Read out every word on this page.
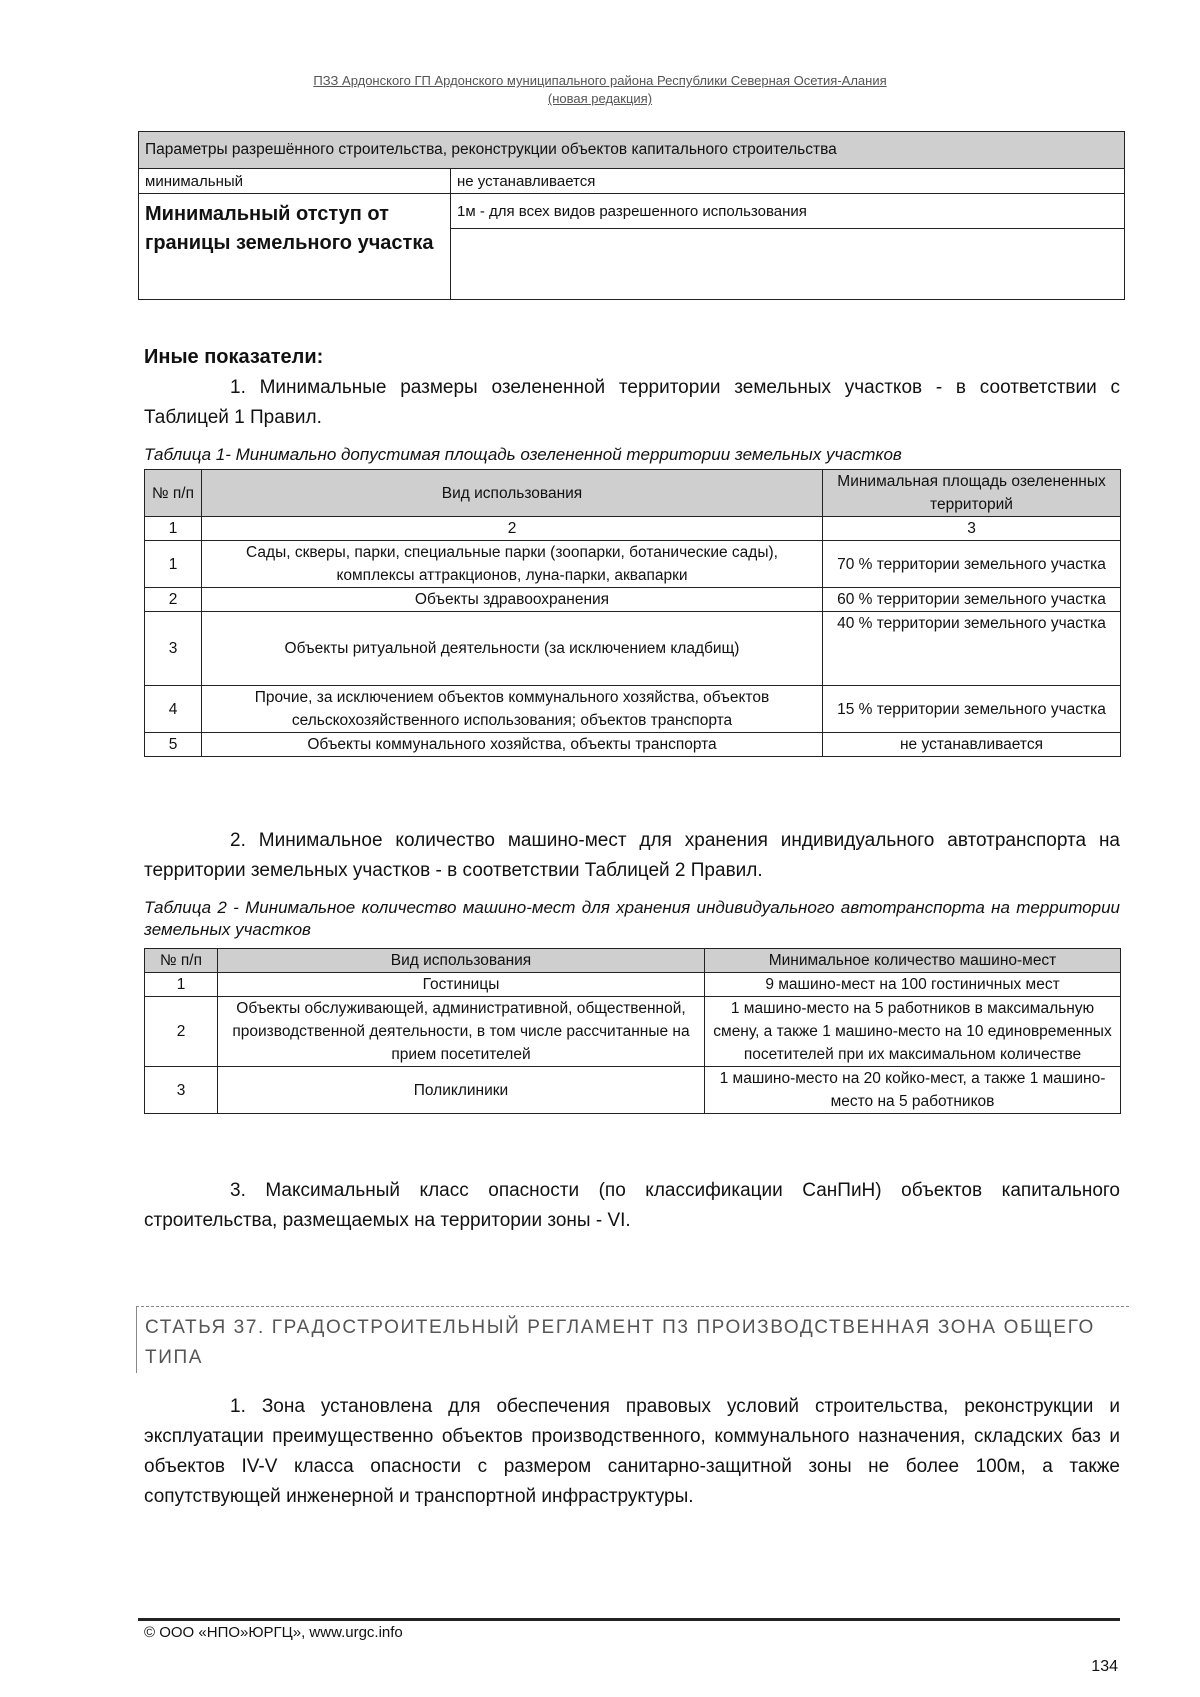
ПЗЗ Ардонского ГП Ардонского муниципального района Республики Северная Осетия-Алания
(новая редакция)
Параметры разрешённого строительства, реконструкции объектов капитального строительства	
минимальный	не устанавливается
Минимальный отступ от границы земельного участка	1м - для всех видов разрешенного использования

Иные показатели:
1. Минимальные размеры озелененной территории земельных участков - в соответствии с Таблицей 1 Правил.
Таблица 1- Минимально допустимая площадь озелененной территории земельных участков
№ п/п	Вид использования	Минимальная площадь озелененных территорий
1	2	3
1	Сады, скверы, парки, специальные парки (зоопарки, ботанические сады), комплексы аттракционов, луна-парки, аквапарки	70 % территории земельного участка
2	Объекты здравоохранения	60 % территории земельного участка
3	Объекты ритуальной деятельности (за исключением кладбищ)	40 % территории земельного участка
4	Прочие, за исключением объектов коммунального хозяйства, объектов сельскохозяйственного использования; объектов транспорта	15 % территории земельного участка
5	Объекты коммунального хозяйства, объекты транспорта	не устанавливается
2. Минимальное количество машино-мест для хранения индивидуального автотранспорта на территории земельных участков - в соответствии Таблицей 2 Правил.
Таблица 2 - Минимальное количество машино-мест для хранения индивидуального автотранспорта на территории земельных участков
№ п/п	Вид использования	Минимальное количество машино-мест
1	Гостиницы	9 машино-мест на 100 гостиничных мест
2	Объекты обслуживающей, административной, общественной, производственной деятельности, в том числе рассчитанные на прием посетителей	1 машино-место на 5 работников в максимальную смену, а также 1 машино-место на 10 единовременных посетителей при их максимальном количестве
3	Поликлиники	1 машино-место на 20 койко-мест, а также 1 машино-место на 5 работников
3. Максимальный класс опасности (по классификации СанПиН) объектов капитального строительства, размещаемых на территории зоны - VI.
СТАТЬЯ 37. ГРАДОСТРОИТЕЛЬНЫЙ РЕГЛАМЕНТ П3 ПРОИЗВОДСТВЕННАЯ ЗОНА ОБЩЕГО ТИПА
1. Зона установлена для обеспечения правовых условий строительства, реконструкции и эксплуатации преимущественно объектов производственного, коммунального назначения, складских баз и объектов IV-V класса опасности с размером санитарно-защитной зоны не более 100м, а также сопутствующей инженерной и транспортной инфраструктуры.
© ООО «НПО»ЮРГЦ», www.urgc.info
134
